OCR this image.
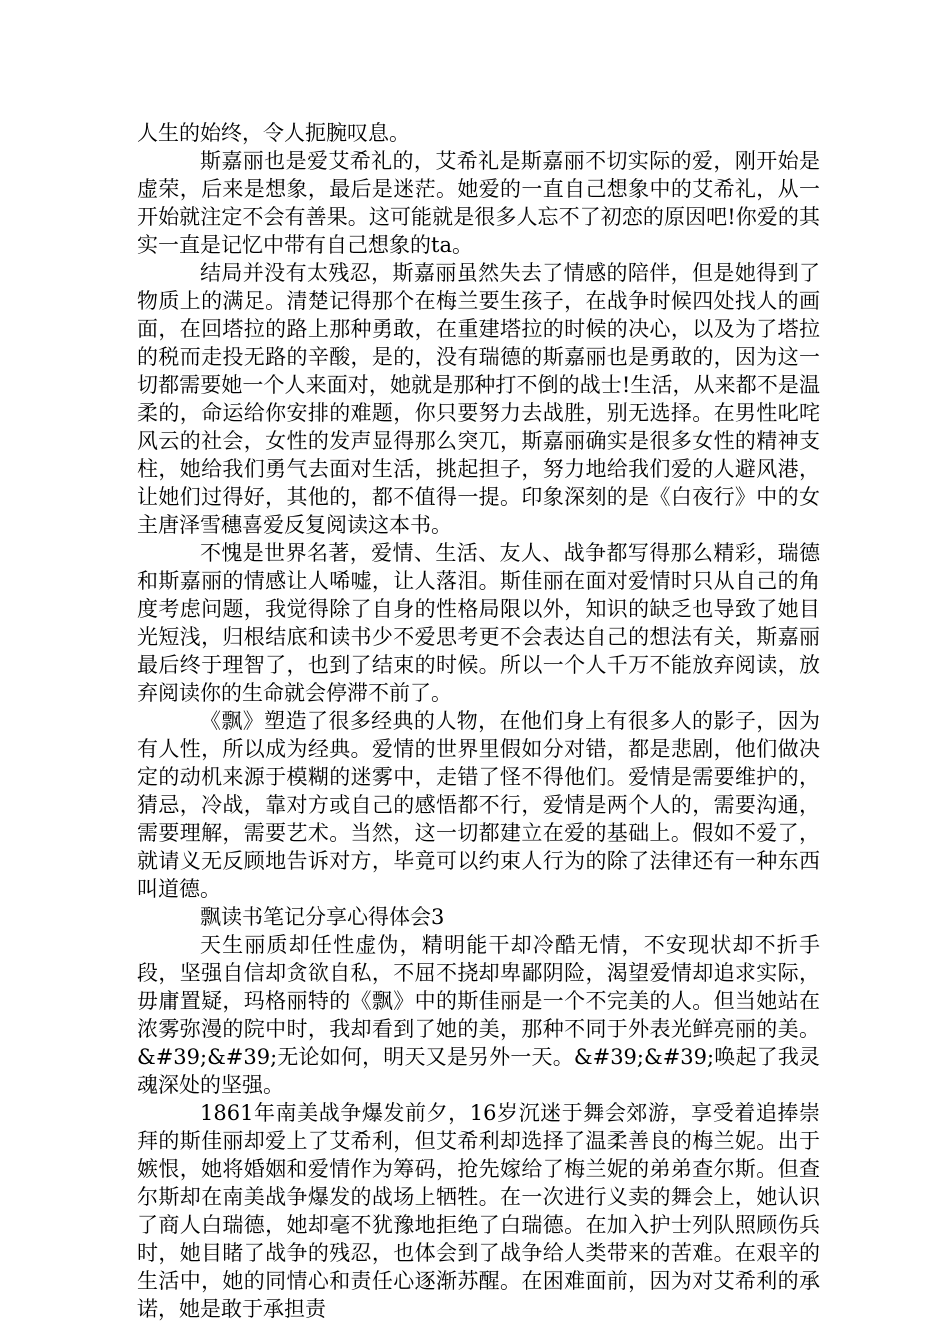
人生的始终，令人扼腕叹息。

斯嘉丽也是爱艾希礼的，艾希礼是斯嘉丽不切实际的爱，刚开始是虚荣，后来是想象，最后是迷茫。她爱的一直自己想象中的艾希礼，从一开始就注定不会有善果。这可能就是很多人忘不了初恋的原因吧!你爱的其实一直是记忆中带有自己想象的ta。

结局并没有太残忍，斯嘉丽虽然失去了情感的陪伴，但是她得到了物质上的满足。清楚记得那个在梅兰要生孩子，在战争时候四处找人的画面，在回塔拉的路上那种勇敢，在重建塔拉的时候的决心，以及为了塔拉的税而走投无路的辛酸，是的，没有瑞德的斯嘉丽也是勇敢的，因为这一切都需要她一个人来面对，她就是那种打不倒的战士!生活，从来都不是温柔的，命运给你安排的难题，你只要努力去战胜，别无选择。在男性叱咤风云的社会，女性的发声显得那么突兀，斯嘉丽确实是很多女性的精神支柱，她给我们勇气去面对生活，挑起担子，努力地给我们爱的人避风港，让她们过得好，其他的，都不值得一提。印象深刻的是《白夜行》中的女主唐泽雪穗喜爱反复阅读这本书。

不愧是世界名著，爱情、生活、友人、战争都写得那么精彩，瑞德和斯嘉丽的情感让人唏嘘，让人落泪。斯佳丽在面对爱情时只从自己的角度考虑问题，我觉得除了自身的性格局限以外，知识的缺乏也导致了她目光短浅，归根结底和读书少不爱思考更不会表达自己的想法有关，斯嘉丽最后终于理智了，也到了结束的时候。所以一个人千万不能放弃阅读，放弃阅读你的生命就会停滞不前了。

《飘》塑造了很多经典的人物，在他们身上有很多人的影子，因为有人性，所以成为经典。爱情的世界里假如分对错，都是悲剧，他们做决定的动机来源于模糊的迷雾中，走错了怪不得他们。爱情是需要维护的，猜忌，冷战，靠对方或自己的感悟都不行，爱情是两个人的，需要沟通，需要理解，需要艺术。当然，这一切都建立在爱的基础上。假如不爱了，就请义无反顾地告诉对方，毕竟可以约束人行为的除了法律还有一种东西叫道德。

飘读书笔记分享心得体会3

天生丽质却任性虚伪，精明能干却冷酷无情，不安现状却不折手段，坚强自信却贪欲自私，不屈不挠却卑鄙阴险，渴望爱情却追求实际，毋庸置疑，玛格丽特的《飘》中的斯佳丽是一个不完美的人。但当她站在浓雾弥漫的院中时，我却看到了她的美，那种不同于外表光鲜亮丽的美。&#39;&#39;无论如何，明天又是另外一天。&#39;&#39;唤起了我灵魂深处的坚强。

1861年南美战争爆发前夕，16岁沉迷于舞会郊游，享受着追捧崇拜的斯佳丽却爱上了艾希利，但艾希利却选择了温柔善良的梅兰妮。出于嫉恨，她将婚姻和爱情作为筹码，抢先嫁给了梅兰妮的弟弟查尔斯。但查尔斯却在南美战争爆发的战场上牺牲。在一次进行义卖的舞会上，她认识了商人白瑞德，她却毫不犹豫地拒绝了白瑞德。在加入护士列队照顾伤兵时，她目睹了战争的残忍，也体会到了战争给人类带来的苦难。在艰辛的生活中，她的同情心和责任心逐渐苏醒。在困难面前，因为对艾希利的承诺，她是敢于承担责
